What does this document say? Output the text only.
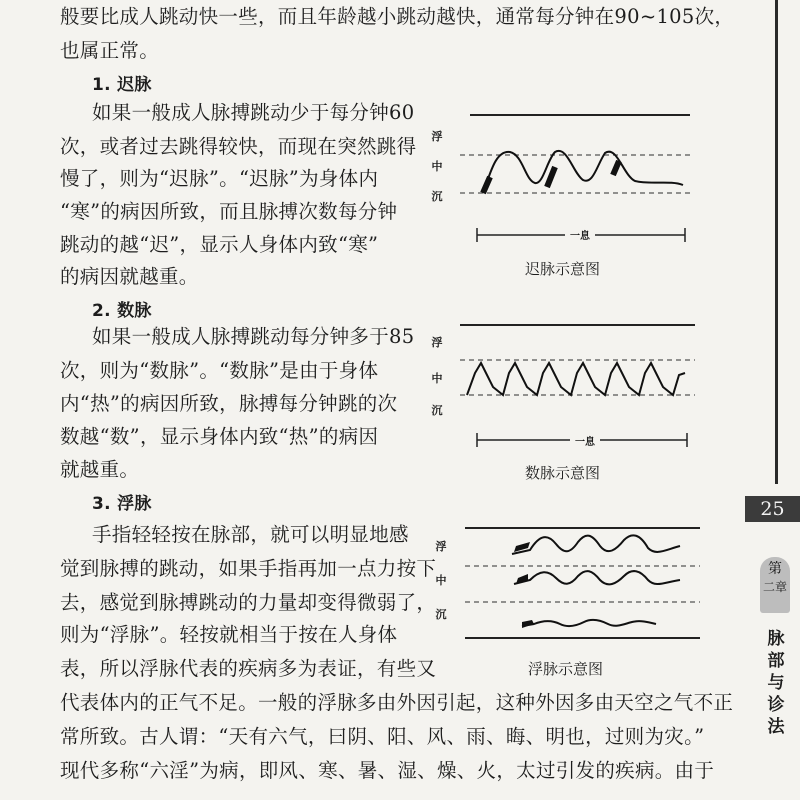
般要比成人跳动快一些，而且年龄越小跳动越快，通常每分钟在90~105次，
也属正常。
1. 迟脉
如果一般成人脉搏跳动少于每分钟60
次，或者过去跳得较快，而现在突然跳得
慢了，则为“迟脉”。“迟脉”为身体内
“寒”的病因所致，而且脉搏次数每分钟
跳动的越“迟”，显示人身体内致“寒”
的病因就越重。
2. 数脉
如果一般成人脉搏跳动每分钟多于85
次，则为“数脉”。“数脉”是由于身体
内“热”的病因所致，脉搏每分钟跳的次
数越“数”，显示身体内致“热”的病因
就越重。
3. 浮脉
手指轻轻按在脉部，就可以明显地感
觉到脉搏的跳动，如果手指再加一点力按下
去，感觉到脉搏跳动的力量却变得微弱了，
则为“浮脉”。轻按就相当于按在人身体
表，所以浮脉代表的疾病多为表证，有些又
代表体内的正气不足。一般的浮脉多由外因引起，这种外因多由天空之气不正
常所致。古人谓：“天有六气，曰阴、阳、风、雨、晦、明也，过则为灾。”
现代多称“六淫”为病，即风、寒、暑、湿、燥、火，太过引发的疾病。由于
浮
中
沉
一息
迟脉示意图
浮
中
沉
一息
数脉示意图
浮
中
沉
浮脉示意图
25
第
二章
脉
部
与
诊
法
